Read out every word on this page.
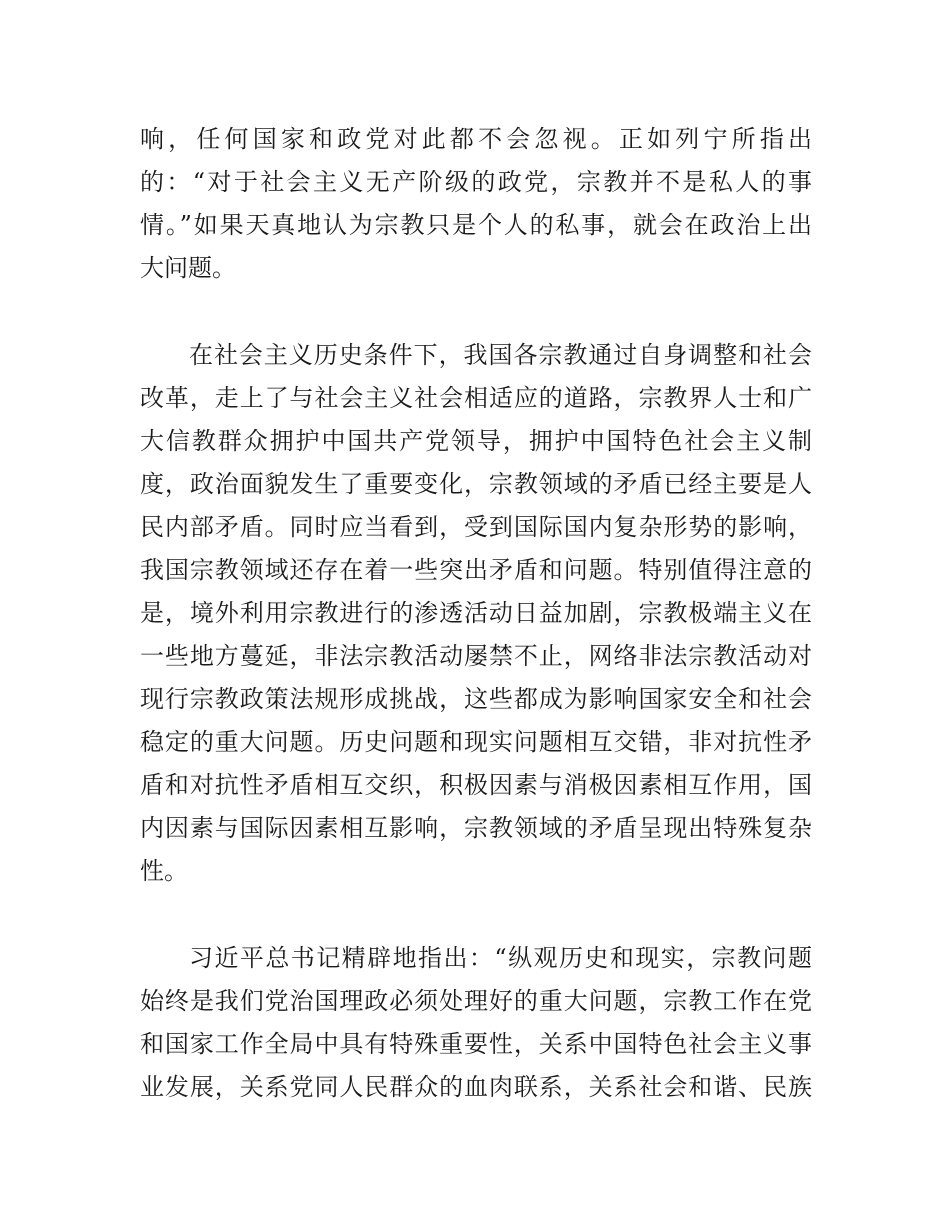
响，任何国家和政党对此都不会忽视。正如列宁所指出
的：“对于社会主义无产阶级的政党，宗教并不是私人的事
情。”如果天真地认为宗教只是个人的私事，就会在政治上出
大问题。
在社会主义历史条件下，我国各宗教通过自身调整和社会
改革，走上了与社会主义社会相适应的道路，宗教界人士和广
大信教群众拥护中国共产党领导，拥护中国特色社会主义制
度，政治面貌发生了重要变化，宗教领域的矛盾已经主要是人
民内部矛盾。同时应当看到，受到国际国内复杂形势的影响，
我国宗教领域还存在着一些突出矛盾和问题。特别值得注意的
是，境外利用宗教进行的渗透活动日益加剧，宗教极端主义在
一些地方蔓延，非法宗教活动屡禁不止，网络非法宗教活动对
现行宗教政策法规形成挑战，这些都成为影响国家安全和社会
稳定的重大问题。历史问题和现实问题相互交错，非对抗性矛
盾和对抗性矛盾相互交织，积极因素与消极因素相互作用，国
内因素与国际因素相互影响，宗教领域的矛盾呈现出特殊复杂
性。
习近平总书记精辟地指出：“纵观历史和现实，宗教问题
始终是我们党治国理政必须处理好的重大问题，宗教工作在党
和国家工作全局中具有特殊重要性，关系中国特色社会主义事
业发展，关系党同人民群众的血肉联系，关系社会和谐、民族
